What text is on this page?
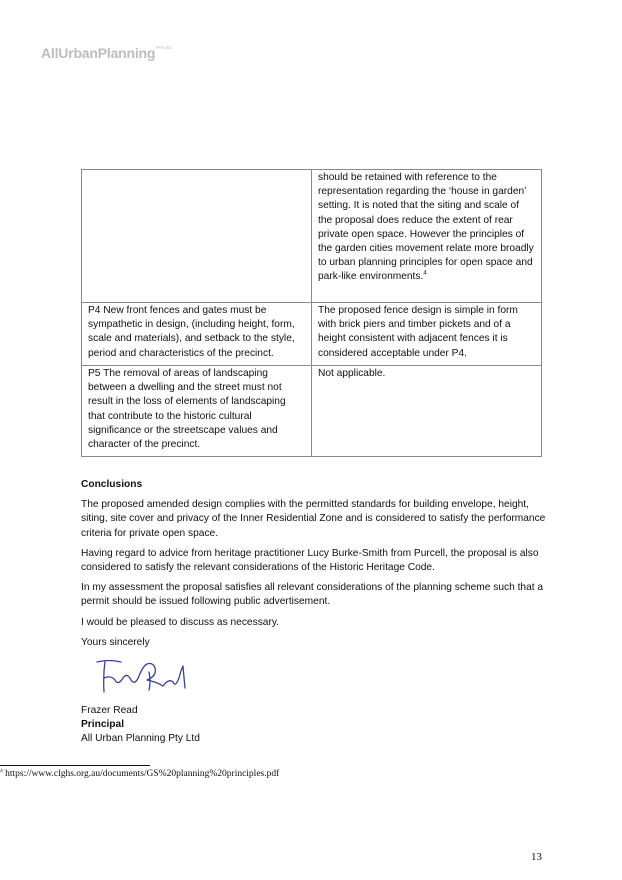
AllUrbanPlanning$^{PTY LTD}$
	should be retained with reference to the representation regarding the ‘house in garden’ setting. It is noted that the siting and scale of the proposal does reduce the extent of rear private open space. However the principles of the garden cities movement relate more broadly to urban planning principles for open space and park-like environments.$^4$
P4 New front fences and gates must be sympathetic in design, (including height, form, scale and materials), and setback to the style, period and characteristics of the precinct.	The proposed fence design is simple in form with brick piers and timber pickets and of a height consistent with adjacent fences it is considered acceptable under P4.
P5 The removal of areas of landscaping between a dwelling and the street must not result in the loss of elements of landscaping that contribute to the historic cultural significance or the streetscape values and character of the precinct.	Not applicable.
Conclusions

The proposed amended design complies with the permitted standards for building envelope, height, siting, site cover and privacy of the Inner Residential Zone and is considered to satisfy the performance criteria for private open space.

Having regard to advice from heritage practitioner Lucy Burke-Smith from Purcell, the proposal is also considered to satisfy the relevant considerations of the Historic Heritage Code.

In my assessment the proposal satisfies all relevant considerations of the planning scheme such that a permit should be issued following public advertisement.

I would be pleased to discuss as necessary.

Yours sincerely

Frazer Read
Principal
All Urban Planning Pty Ltd
$^4$ https://www.clghs.org.au/documents/GS%20planning%20principles.pdf
13
